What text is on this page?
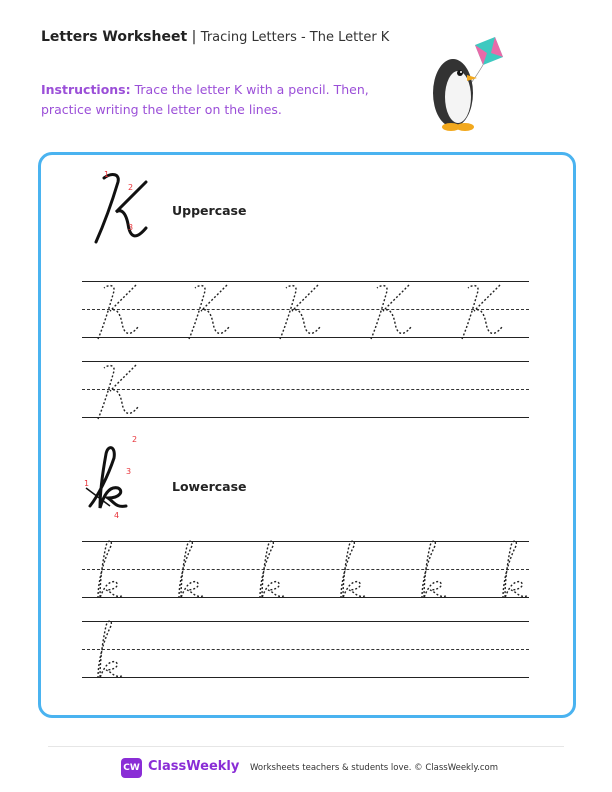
Letters Worksheet | Tracing Letters - The Letter K
Instructions: Trace the letter K with a pencil. Then, practice writing the letter on the lines.
1
2
3
Uppercase
1
2
3
4
Lowercase
CW ClassWeekly Worksheets teachers & students love. © ClassWeekly.com
